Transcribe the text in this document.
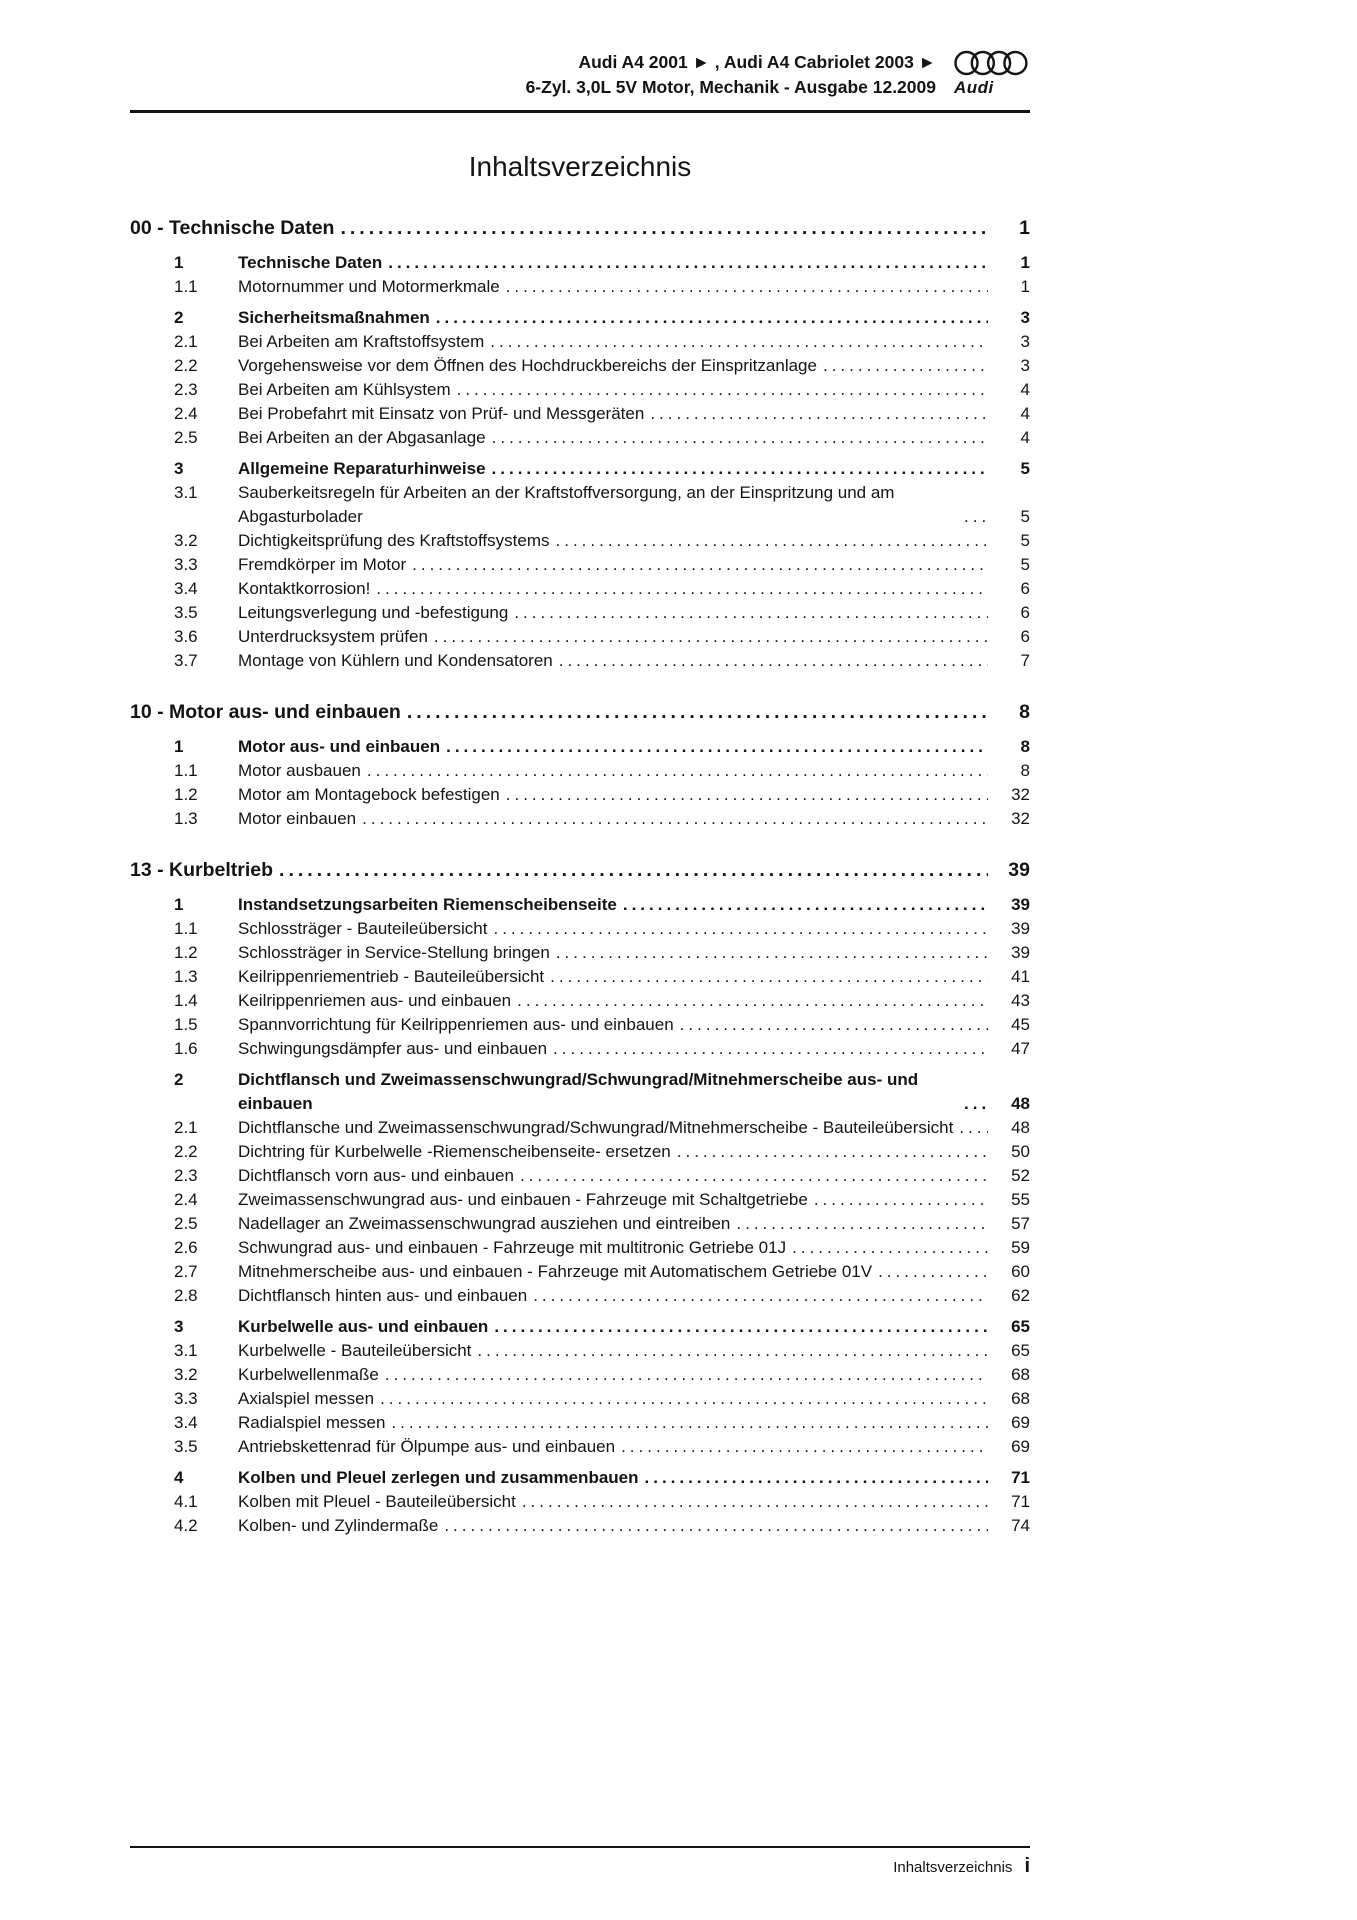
Audi A4 2001 ► , Audi A4 Cabriolet 2003 ►
6-Zyl. 3,0L 5V Motor, Mechanik - Ausgabe 12.2009 Audi
Inhaltsverzeichnis
00 - Technische Daten .....	1
1	Technische Daten .....	1
1.1	Motornummer und Motormerkmale .....	1
2	Sicherheitsmaßnahmen .....	3
2.1	Bei Arbeiten am Kraftstoffsystem .....	3
2.2	Vorgehensweise vor dem Öffnen des Hochdruckbereichs der Einspritzanlage .....	3
2.3	Bei Arbeiten am Kühlsystem .....	4
2.4	Bei Probefahrt mit Einsatz von Prüf- und Messgeräten .....	4
2.5	Bei Arbeiten an der Abgasanlage .....	4
3	Allgemeine Reparaturhinweise .....	5
3.1	Sauberkeitsregeln für Arbeiten an der Kraftstoffversorgung, an der Einspritzung und am Abgasturbolader .....	5
3.2	Dichtigkeitsprüfung des Kraftstoffsystems .....	5
3.3	Fremdkörper im Motor .....	5
3.4	Kontaktkorrosion! .....	6
3.5	Leitungsverlegung und -befestigung .....	6
3.6	Unterdrucksystem prüfen .....	6
3.7	Montage von Kühlern und Kondensatoren .....	7
10 - Motor aus- und einbauen .....	8
1	Motor aus- und einbauen .....	8
1.1	Motor ausbauen .....	8
1.2	Motor am Montagebock befestigen .....	32
1.3	Motor einbauen .....	32
13 - Kurbeltrieb .....	39
1	Instandsetzungsarbeiten Riemenscheibenseite .....	39
1.1	Schlossträger - Bauteileübersicht .....	39
1.2	Schlossträger in Service-Stellung bringen .....	39
1.3	Keilrippenriementrieb - Bauteileübersicht .....	41
1.4	Keilrippenriemen aus- und einbauen .....	43
1.5	Spannvorrichtung für Keilrippenriemen aus- und einbauen .....	45
1.6	Schwingungsdämpfer aus- und einbauen .....	47
2	Dichtflansch und Zweimassenschwungrad/Schwungrad/Mitnehmerscheibe aus- und einbauen .....	48
2.1	Dichtflansche und Zweimassenschwungrad/Schwungrad/Mitnehmerscheibe - Bauteileübersicht .....	48
2.2	Dichtring für Kurbelwelle -Riemenscheibenseite- ersetzen .....	50
2.3	Dichtflansch vorn aus- und einbauen .....	52
2.4	Zweimassenschwungrad aus- und einbauen - Fahrzeuge mit Schaltgetriebe .....	55
2.5	Nadellager an Zweimassenschwungrad ausziehen und eintreiben .....	57
2.6	Schwungrad aus- und einbauen - Fahrzeuge mit multitronic Getriebe 01J .....	59
2.7	Mitnehmerscheibe aus- und einbauen - Fahrzeuge mit Automatischem Getriebe 01V .....	60
2.8	Dichtflansch hinten aus- und einbauen .....	62
3	Kurbelwelle aus- und einbauen .....	65
3.1	Kurbelwelle - Bauteileübersicht .....	65
3.2	Kurbelwellenmaße .....	68
3.3	Axialspiel messen .....	68
3.4	Radialspiel messen .....	69
3.5	Antriebskettenrad für Ölpumpe aus- und einbauen .....	69
4	Kolben und Pleuel zerlegen und zusammenbauen .....	71
4.1	Kolben mit Pleuel - Bauteileübersicht .....	71
4.2	Kolben- und Zylindermaße .....	74
Inhaltsverzeichnis i
